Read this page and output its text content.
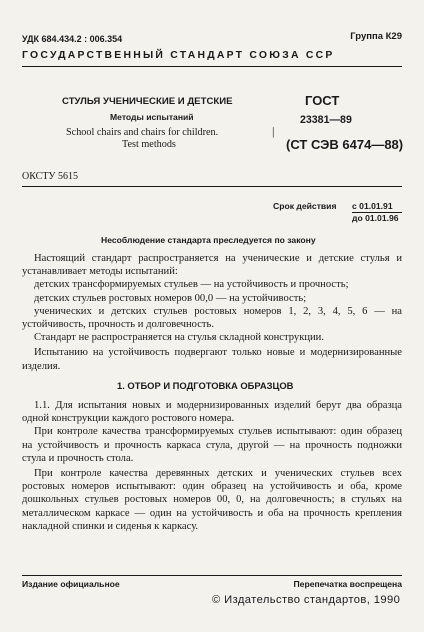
УДК 684.434.2 : 006.354	Группа К29
ГОСУДАРСТВЕННЫЙ СТАНДАРТ СОЮЗА ССР
СТУЛЬЯ УЧЕНИЧЕСКИЕ И ДЕТСКИЕ
Методы испытаний
School chairs and chairs for children.
Test methods
|
ГОСТ
23381—89
(СТ СЭВ 6474—88)
ОКСТУ 5615
Срок действия с 01.01.91
до 01.01.96
Несоблюдение стандарта преследуется по закону

Настоящий стандарт распространяется на ученические и детские стулья и устанавливает методы испытаний:

детских трансформируемых стульев — на устойчивость и прочность;

детских стульев ростовых номеров 00,0 — на устойчивость;

ученических и детских стульев ростовых номеров 1, 2, 3, 4, 5, 6 — на устойчивость, прочность и долговечность.

Стандарт не распространяется на стулья складной конструкции.

Испытанию на устойчивость подвергают только новые и модернизированные изделия.

1. ОТБОР И ПОДГОТОВКА ОБРАЗЦОВ

1.1. Для испытания новых и модернизированных изделий берут два образца одной конструкции каждого ростового номера.

При контроле качества трансформируемых стульев испытывают: один образец на устойчивость и прочность каркаса стула, другой — на прочность подножки стула и прочность стола.

При контроле качества деревянных детских и ученических стульев всех ростовых номеров испытывают: один образец на устойчивость и оба, кроме дошкольных стульев ростовых номеров 00, 0, на долговечность; в стульях на металлическом каркасе — один на устойчивость и оба на прочность крепления накладной спинки и сиденья к каркасу.

Издание официальное	Перепечатка воспрещена
© Издательство стандартов, 1990
